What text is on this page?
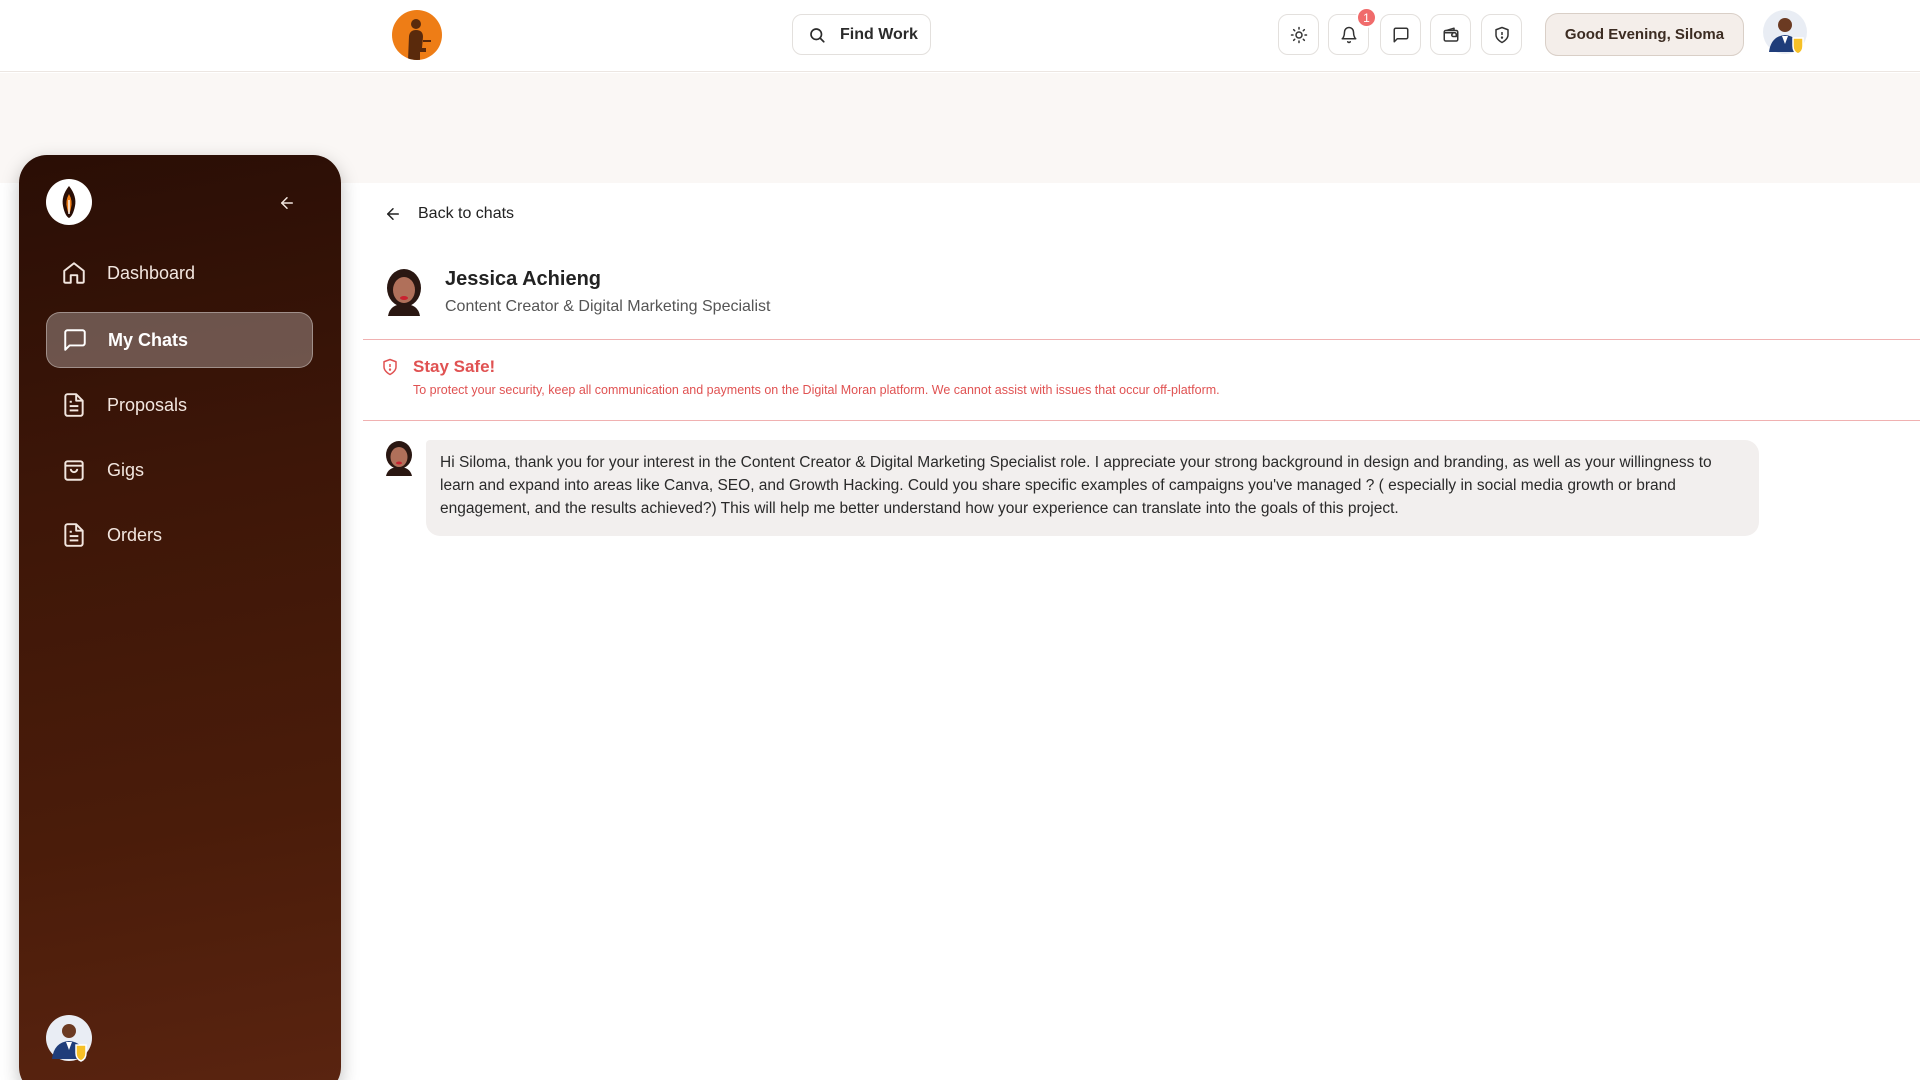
Find Work
1
Good Evening, Siloma
Dashboard
My Chats
Proposals
Gigs
Orders
Back to chats
Jessica Achieng
Content Creator & Digital Marketing Specialist
Stay Safe!
To protect your security, keep all communication and payments on the Digital Moran platform. We cannot assist with issues that occur off-platform.
Hi Siloma, thank you for your interest in the Content Creator & Digital Marketing Specialist role. I appreciate your strong background in design and branding, as well as your willingness to learn and expand into areas like Canva, SEO, and Growth Hacking. Could you share specific examples of campaigns you've managed ? ( especially in social media growth or brand engagement, and the results achieved?) This will help me better understand how your experience can translate into the goals of this project.
